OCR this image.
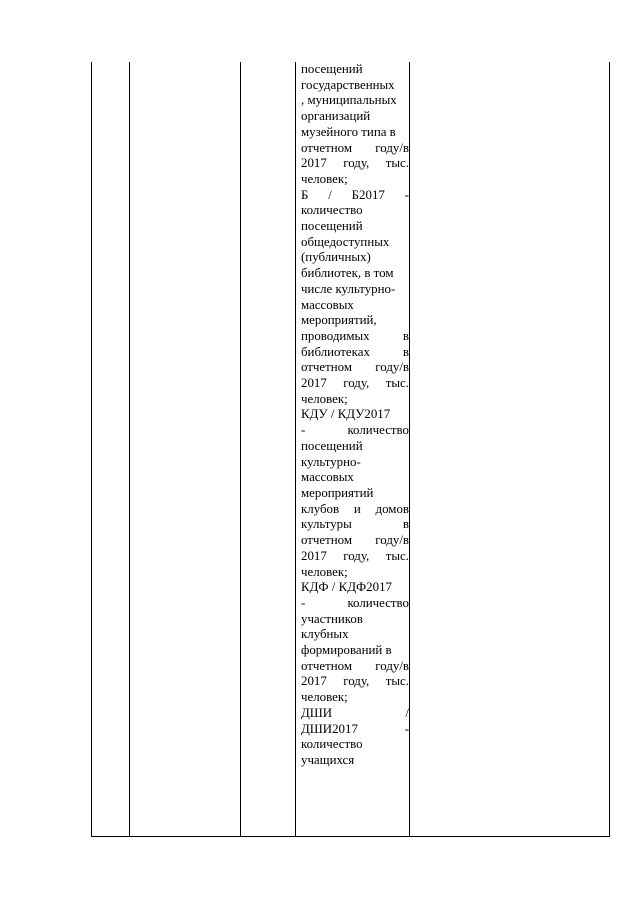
посещений
государственных
, муниципальных
организаций
музейного типа в
отчетном году/в
2017 году, тыс.
человек;
Б / Б2017 -
количество
посещений
общедоступных
(публичных)
библиотек, в том
числе культурно-
массовых
мероприятий,
проводимых	в
библиотеках	в
отчетном году/в
2017 году, тыс.
человек;
КДУ / КДУ2017
-	количество
посещений
культурно-
массовых
мероприятий
клубов и домов
культуры	в
отчетном году/в
2017 году, тыс.
человек;
КДФ / КДФ2017
-	количество
участников
клубных
формирований в
отчетном году/в
2017 году, тыс.
человек;
ДШИ	/
ДШИ2017	-
количество
учащихся
